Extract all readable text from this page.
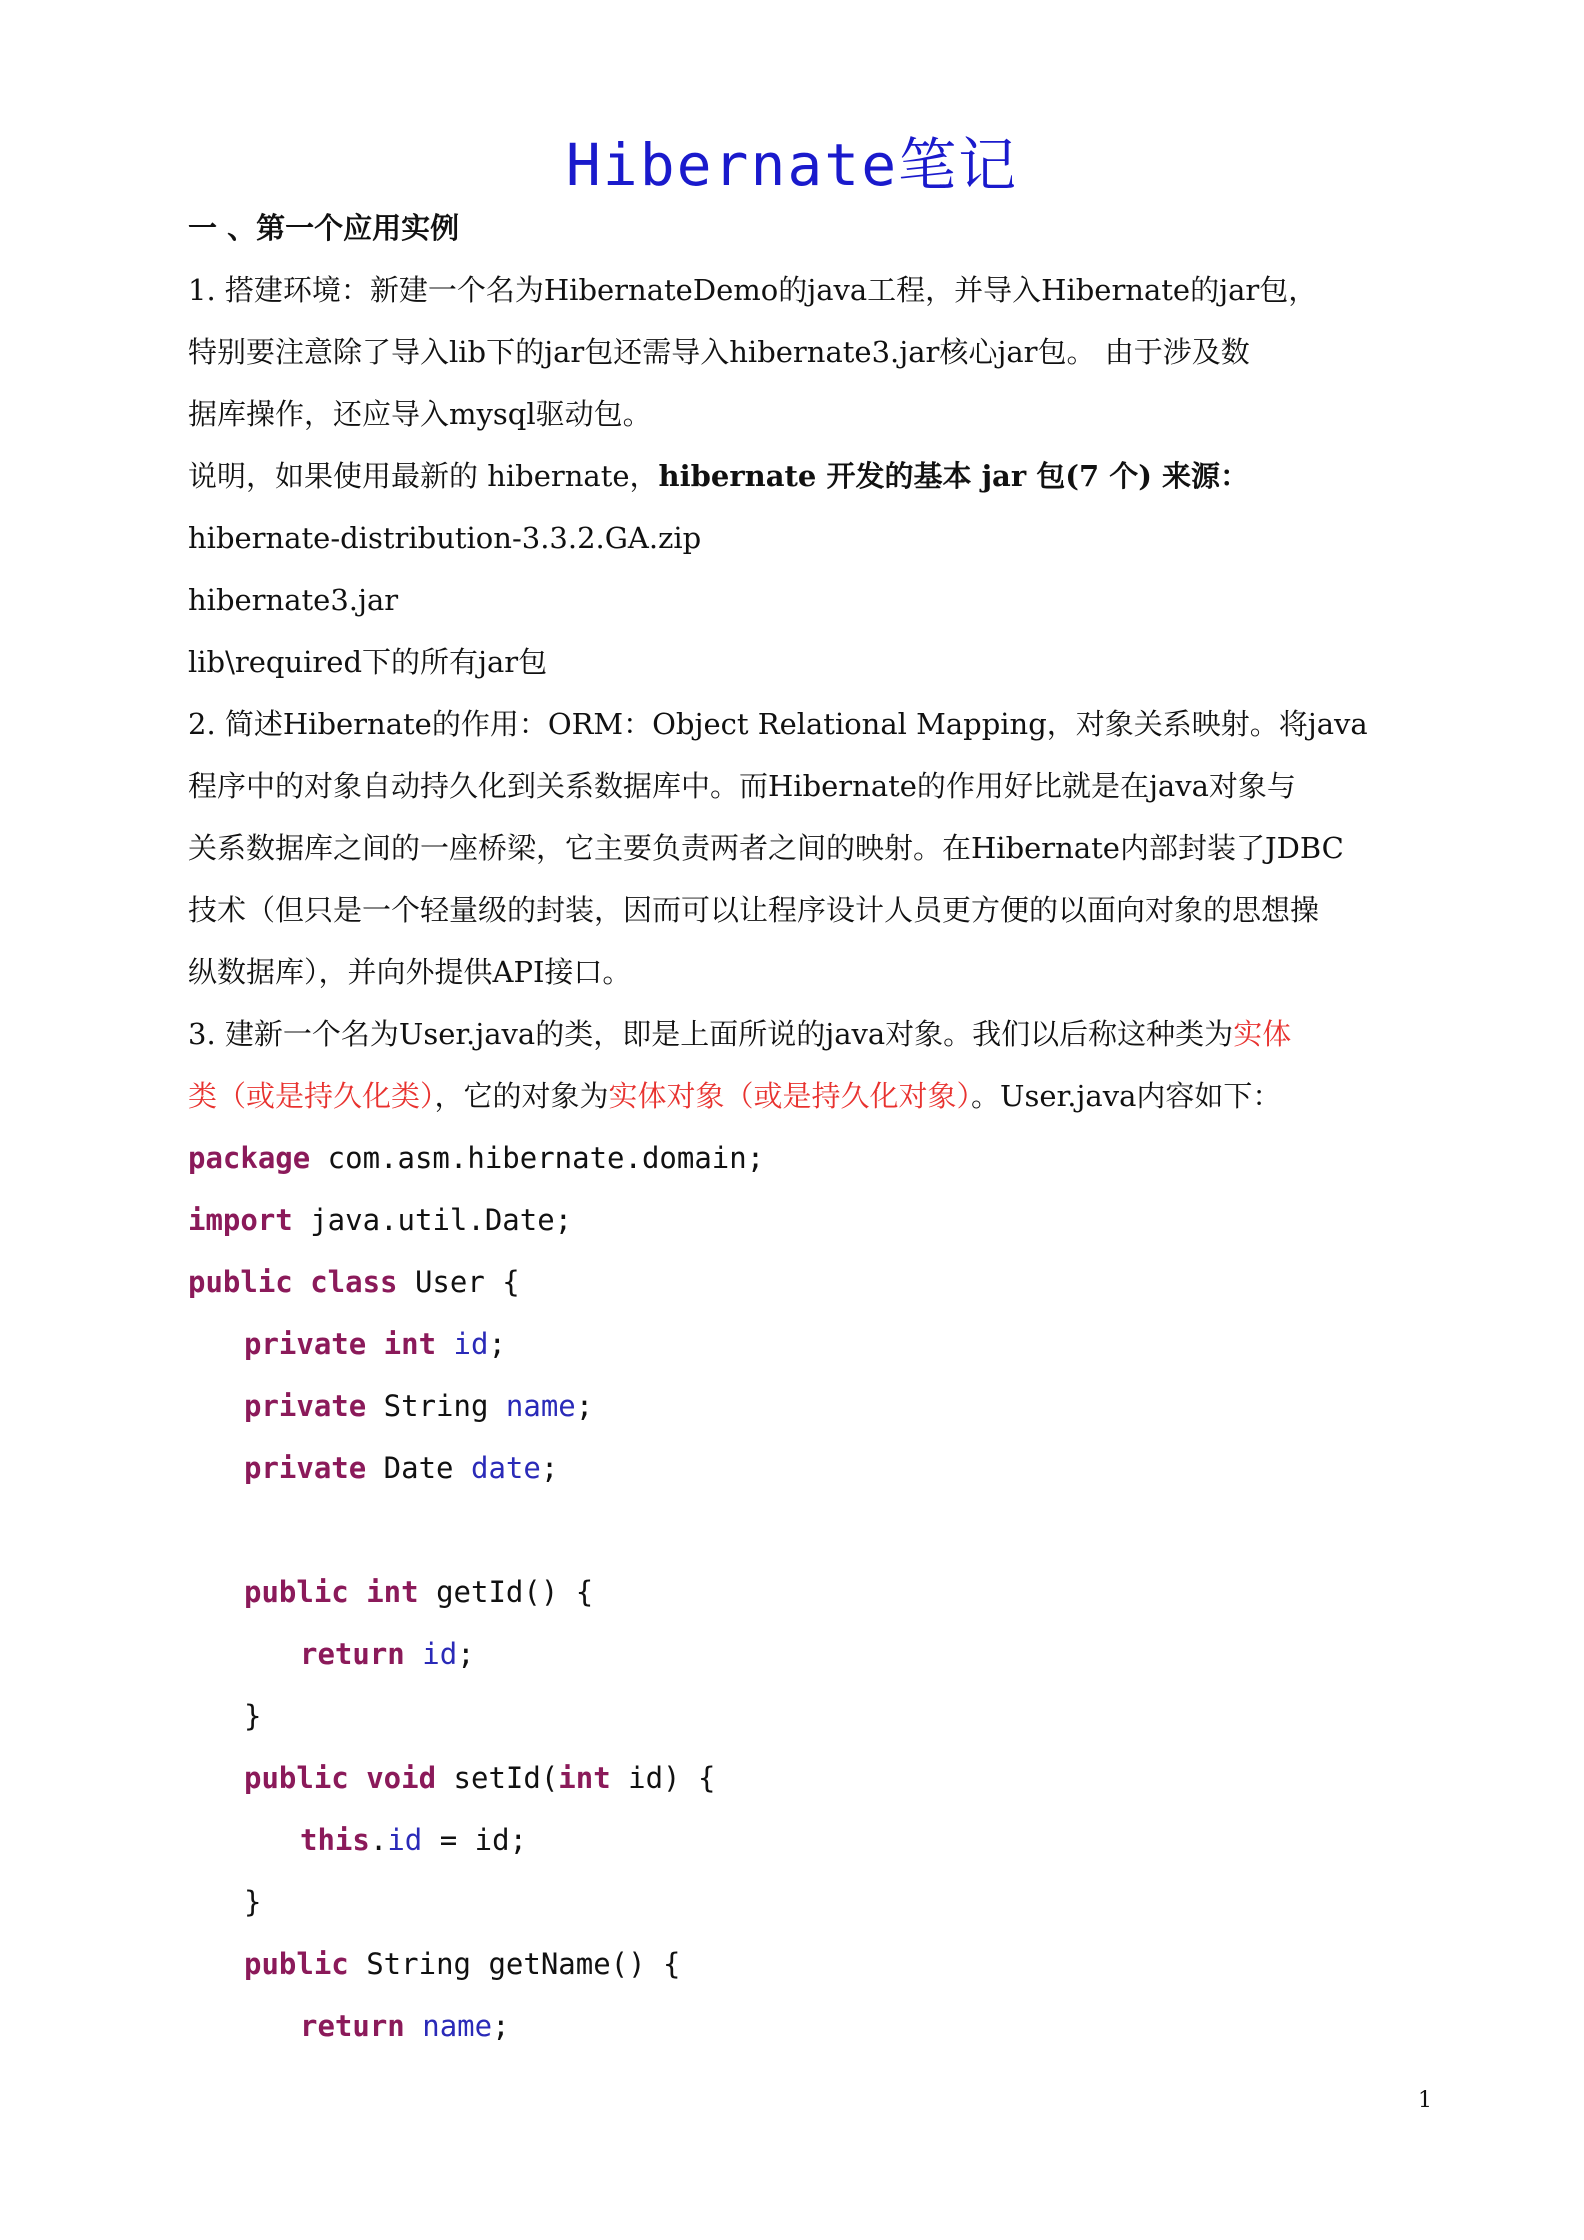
Hibernate笔记
一 、第一个应用实例
1. 搭建环境：新建一个名为HibernateDemo的java工程，并导入Hibernate的jar包，
特别要注意除了导入lib下的jar包还需导入hibernate3.jar核心jar包。 由于涉及数
据库操作，还应导入mysql驱动包。
说明，如果使用最新的 hibernate，hibernate 开发的基本 jar 包(7 个) 来源：
hibernate-distribution-3.3.2.GA.zip
hibernate3.jar
lib\required下的所有jar包
2. 简述Hibernate的作用：ORM：Object Relational Mapping，对象关系映射。将java
程序中的对象自动持久化到关系数据库中。而Hibernate的作用好比就是在java对象与
关系数据库之间的一座桥梁，它主要负责两者之间的映射。在Hibernate内部封装了JDBC
技术（但只是一个轻量级的封装，因而可以让程序设计人员更方便的以面向对象的思想操
纵数据库），并向外提供API接口。
3. 建新一个名为User.java的类，即是上面所说的java对象。我们以后称这种类为实体
类（或是持久化类），它的对象为实体对象（或是持久化对象）。User.java内容如下：
package com.asm.hibernate.domain;
import java.util.Date;
public class User {
private int id;
private String name;
private Date date;
public int getId() {
return id;
}
public void setId(int id) {
this.id = id;
}
public String getName() {
return name;
1
